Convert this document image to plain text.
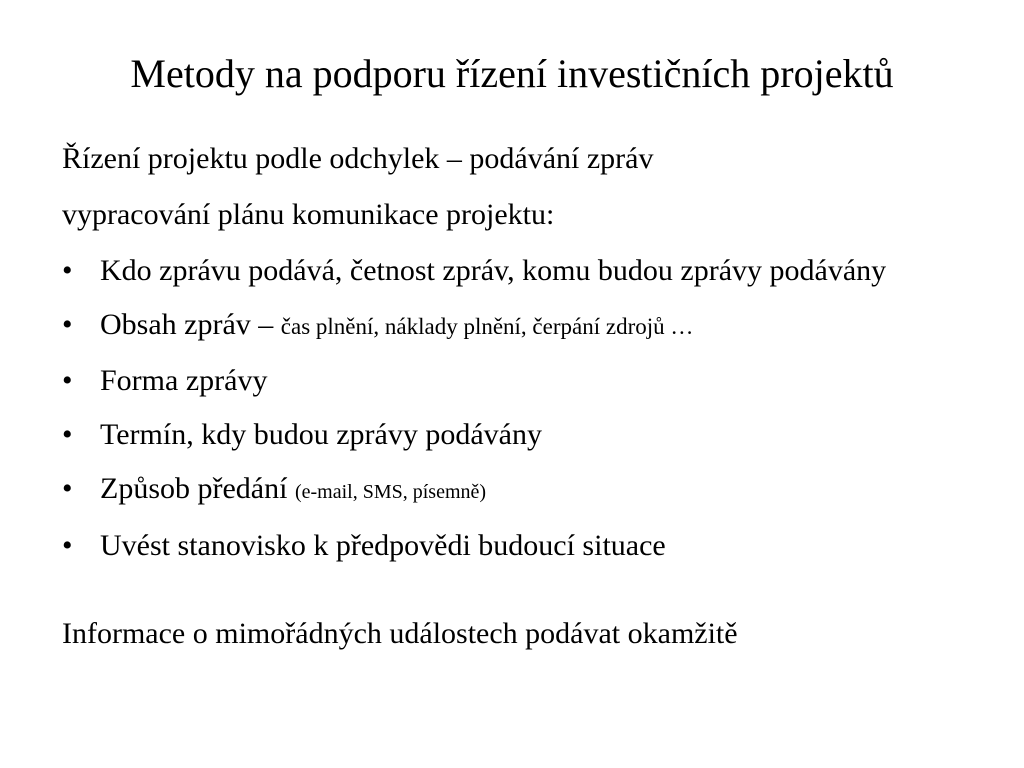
Metody na podporu řízení investičních projektů
Řízení projektu podle odchylek – podávání zpráv
vypracování plánu komunikace projektu:
• Kdo zprávu podává, četnost zpráv, komu budou zprávy podávány
• Obsah zpráv – čas plnění, náklady plnění, čerpání zdrojů …
• Forma zprávy
• Termín, kdy budou zprávy podávány
• Způsob předání (e-mail, SMS, písemně)
• Uvést stanovisko k předpovědi budoucí situace
Informace o mimořádných událostech podávat okamžitě
